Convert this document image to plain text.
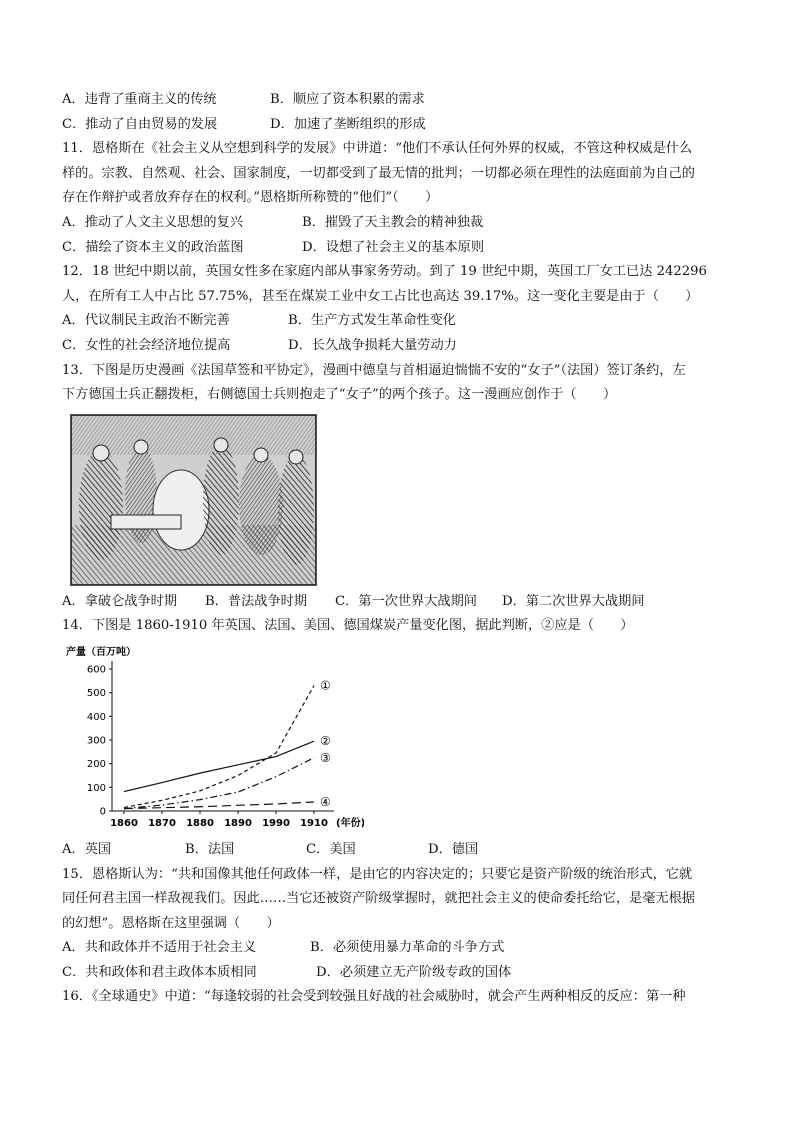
A．违背了重商主义的传统	B．顺应了资本积累的需求
C．推动了自由贸易的发展	D．加速了垄断组织的形成
11．恩格斯在《社会主义从空想到科学的发展》中讲道：“他们不承认任何外界的权威，不管这种权威是什么
样的。宗教、自然观、社会、国家制度，一切都受到了最无情的批判；一切都必须在理性的法庭面前为自己的
存在作辩护或者放弃存在的权利。”恩格斯所称赞的“他们”（　　）
A．推动了人文主义思想的复兴	B．摧毁了天主教会的精神独裁
C．描绘了资本主义的政治蓝图	D．设想了社会主义的基本原则
12．18 世纪中期以前，英国女性多在家庭内部从事家务劳动。到了 19 世纪中期，英国工厂女工已达 242296
人，在所有工人中占比 57.75%，甚至在煤炭工业中女工占比也高达 39.17%。这一变化主要是由于（　　）
A．代议制民主政治不断完善	B．生产方式发生革命性变化
C．女性的社会经济地位提高	D．长久战争损耗大量劳动力
13．下图是历史漫画《法国草签和平协定》，漫画中德皇与首相逼迫惴惴不安的“女子”（法国）签订条约，左
下方德国士兵正翻拨柜，右侧德国士兵则抱走了“女子”的两个孩子。这一漫画应创作于（　　）
A．拿破仑战争时期 B．普法战争时期 C．第一次世界大战期间 D．第二次世界大战期间
14．下图是 1860-1910 年英国、法国、美国、德国煤炭产量变化图，据此判断，②应是（　　）
产量（百万吨）
0
100
200
300
400
500
600
1860 1870 1880 1890 1990 1910 (年份)
①
②
③
④
A．英国	B．法国	C．美国	D．德国
15．恩格斯认为：“共和国像其他任何政体一样，是由它的内容决定的；只要它是资产阶级的统治形式，它就
同任何君主国一样敌视我们。因此……当它还被资产阶级掌握时，就把社会主义的使命委托给它，是毫无根据
的幻想”。恩格斯在这里强调（　　）
A．共和政体并不适用于社会主义	B．必须使用暴力革命的斗争方式
C．共和政体和君主政体本质相同	D．必须建立无产阶级专政的国体
16．《全球通史》中道：“每逢较弱的社会受到较强且好战的社会威胁时，就会产生两种相反的反应：第一种
